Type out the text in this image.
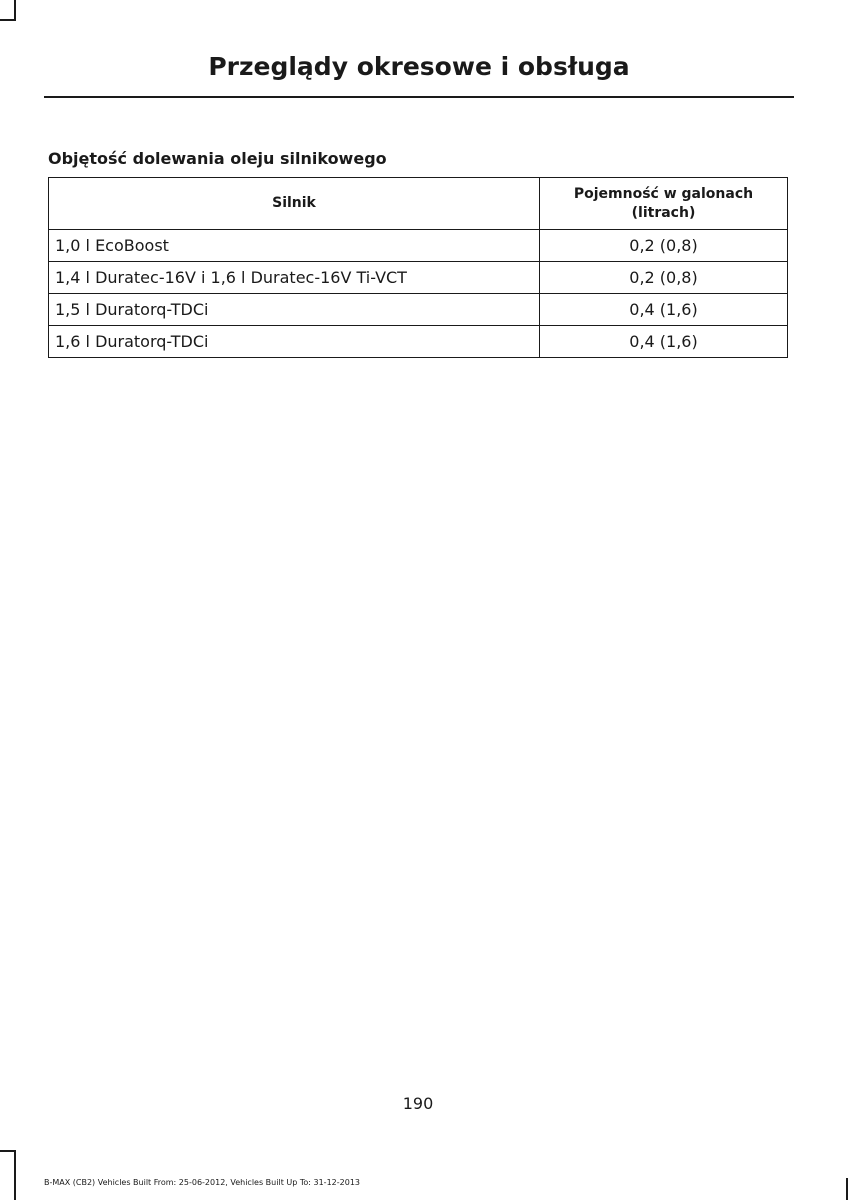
Przeglądy okresowe i obsługa
Objętość dolewania oleju silnikowego
Silnik	Pojemność w galonach
(litrach)
1,0 l EcoBoost	0,2 (0,8)
1,4 l Duratec-16V i 1,6 l Duratec-16V Ti-VCT	0,2 (0,8)
1,5 l Duratorq-TDCi	0,4 (1,6)
1,6 l Duratorq-TDCi	0,4 (1,6)
190
B-MAX (CB2) Vehicles Built From: 25-06-2012, Vehicles Built Up To: 31-12-2013
